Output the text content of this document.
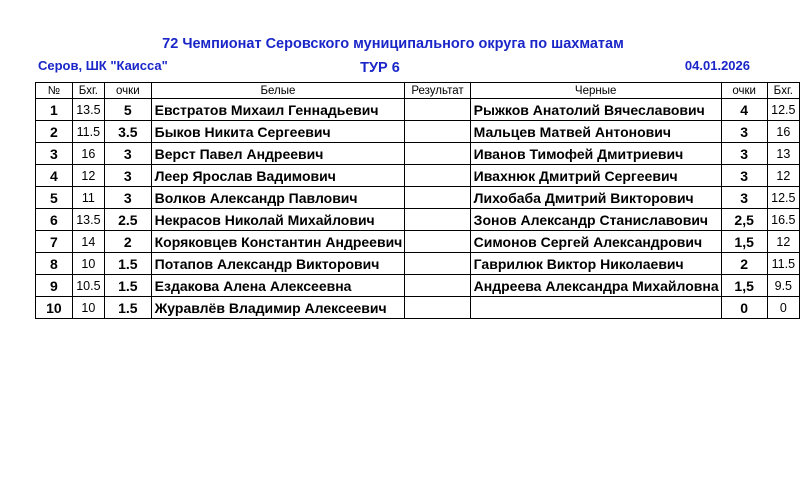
72 Чемпионат Серовского муниципального округа по шахматам
Серов, ШК "Каисса"	ТУР 6	04.01.2026
№	Бхг.	очки	Белые	Результат	Черные	очки	Бхг.
1	13.5	5	Евстратов Михаил Геннадьевич		Рыжков Анатолий Вячеславович	4	12.5
2	11.5	3.5	Быков Никита Сергеевич		Мальцев Матвей Антонович	3	16
3	16	3	Верст Павел Андреевич		Иванов Тимофей Дмитриевич	3	13
4	12	3	Леер Ярослав Вадимович		Ивахнюк Дмитрий Сергеевич	3	12
5	11	3	Волков Александр Павлович		Лихобаба Дмитрий Викторович	3	12.5
6	13.5	2.5	Некрасов Николай Михайлович		Зонов Александр Станиславович	2,5	16.5
7	14	2	Коряковцев Константин Андреевич		Симонов Сергей Александрович	1,5	12
8	10	1.5	Потапов Александр Викторович		Гаврилюк Виктор Николаевич	2	11.5
9	10.5	1.5	Ездакова Алена Алексеевна		Андреева Александра Михайловна	1,5	9.5
10	10	1.5	Журавлёв Владимир Алексеевич			0	0
